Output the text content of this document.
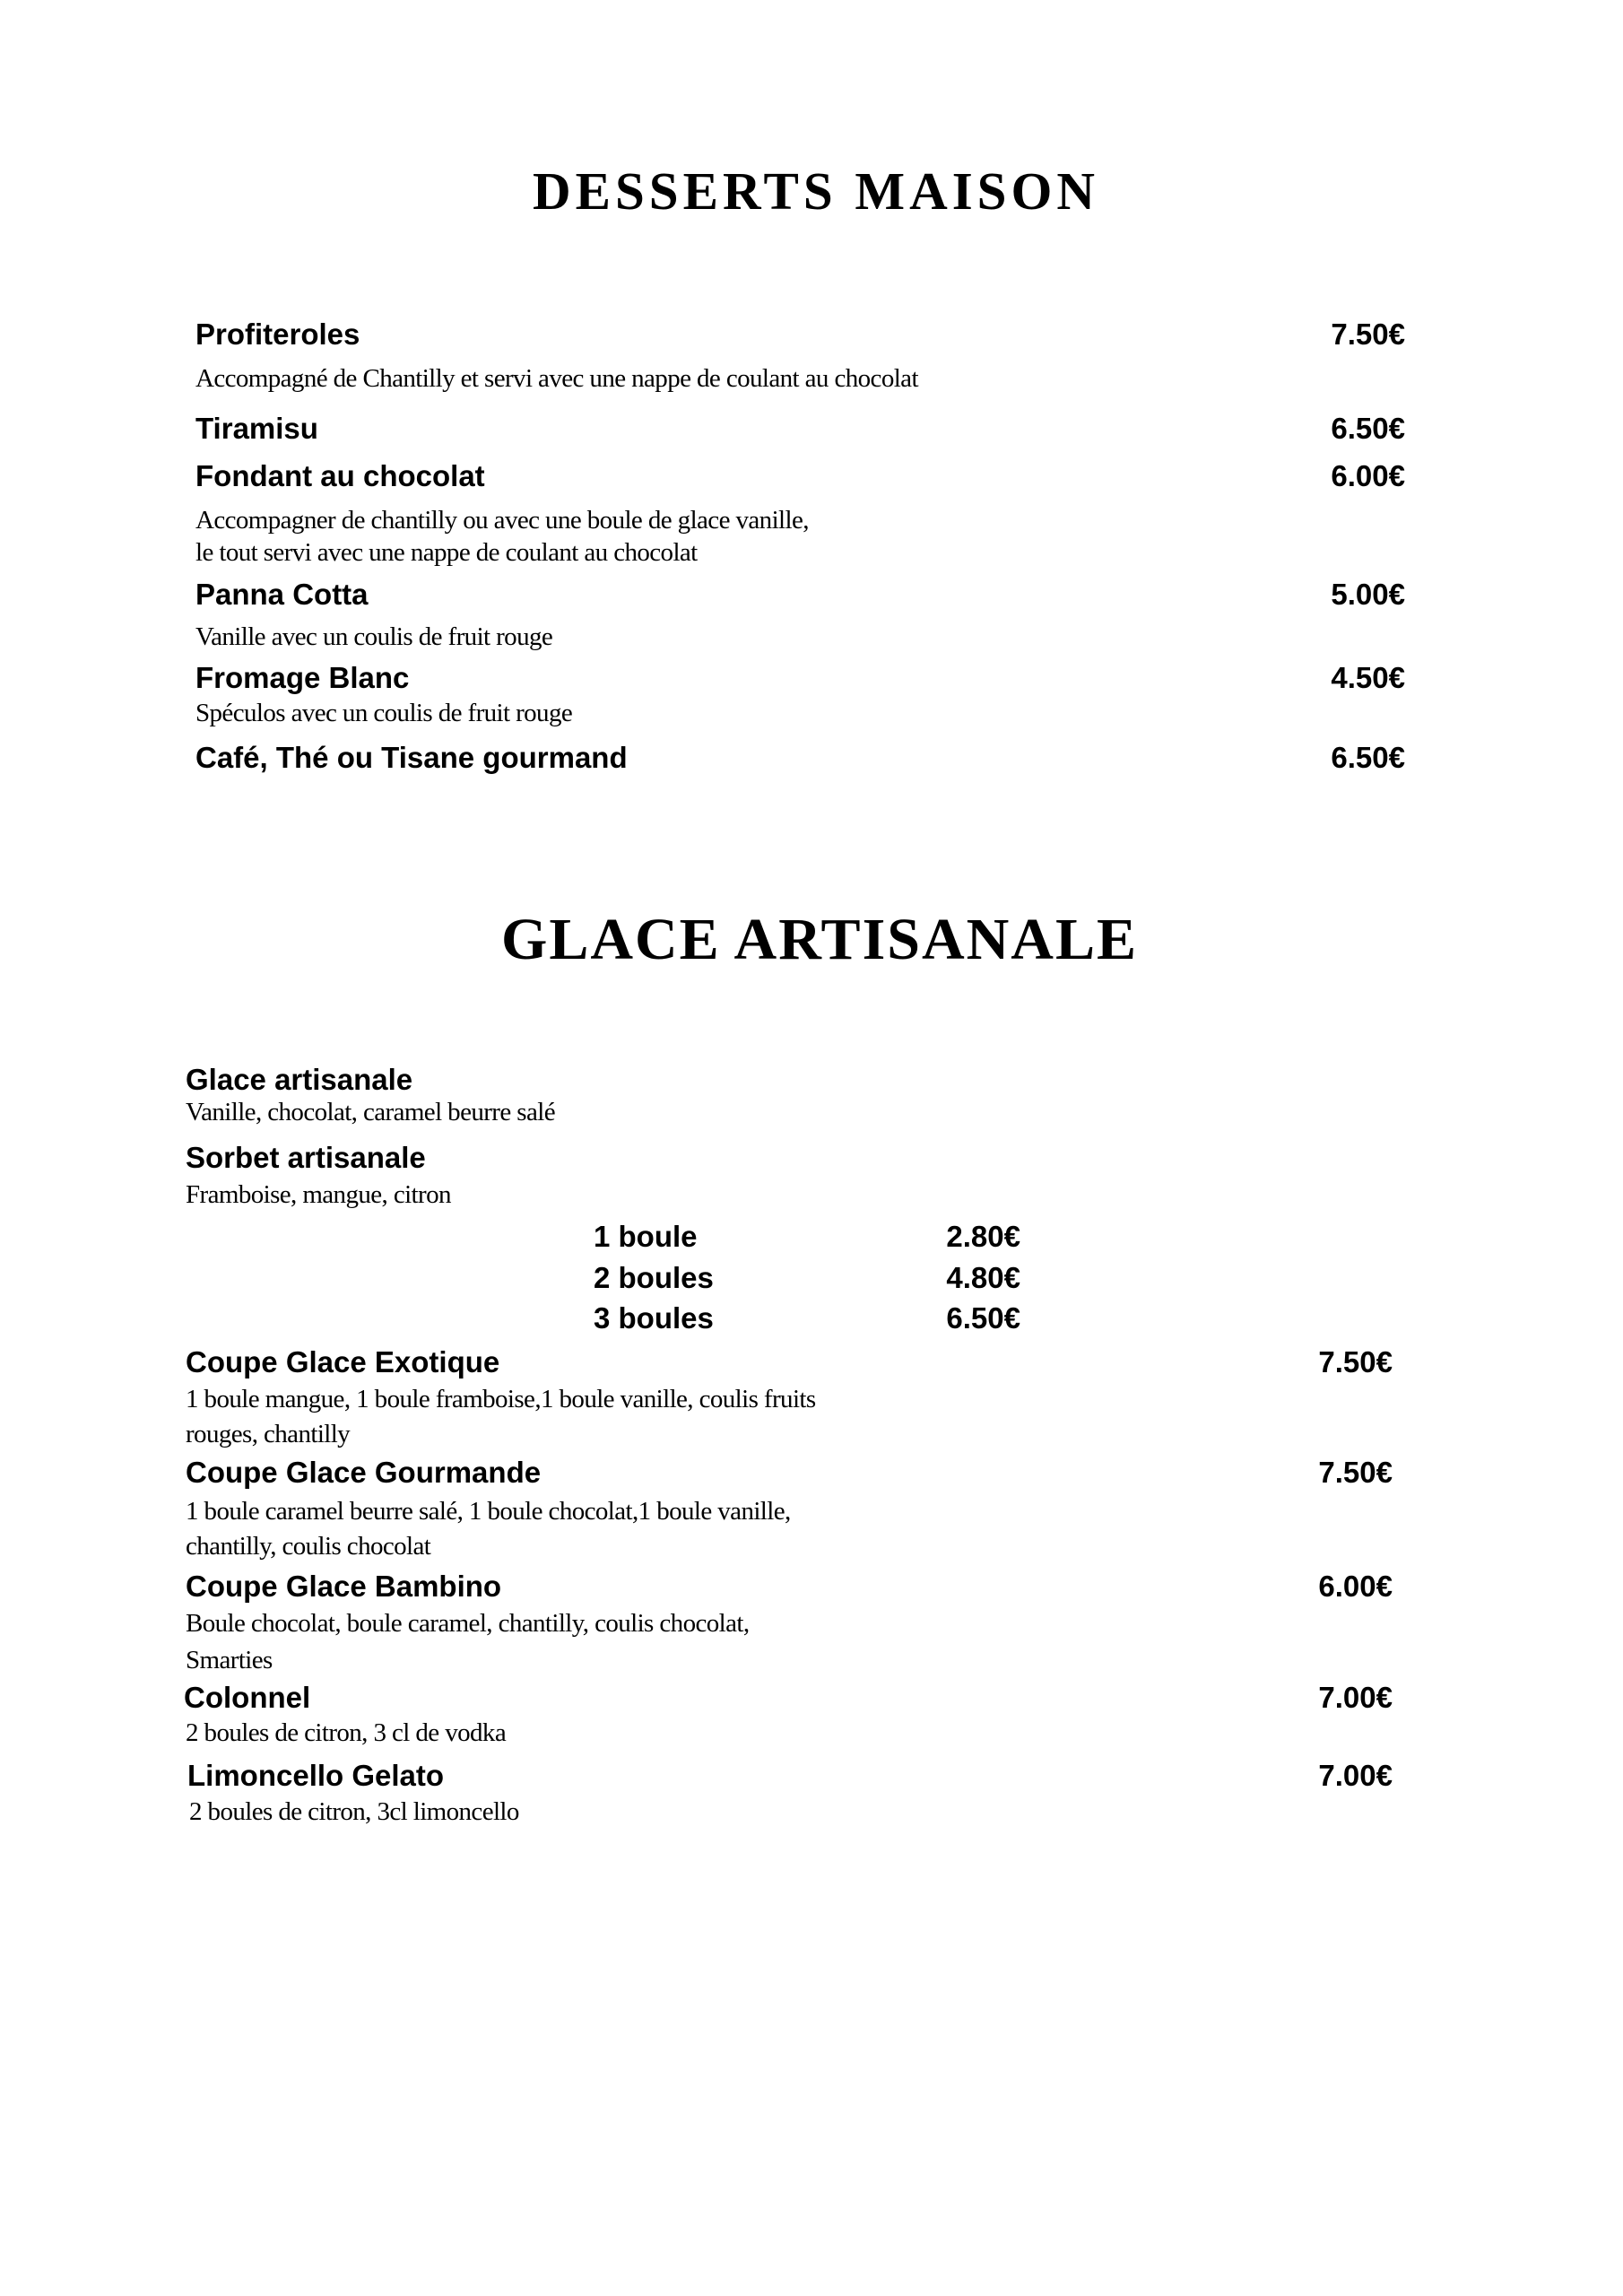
DESSERTS MAISON
Profiteroles	7.50€
Accompagné de Chantilly et servi avec une nappe de coulant au chocolat
Tiramisu	6.50€
Fondant au chocolat	6.00€
Accompagner de chantilly ou avec une boule de glace vanille,
le tout servi avec une nappe de coulant au chocolat
Panna Cotta	5.00€
Vanille avec un coulis de fruit rouge
Fromage Blanc	4.50€
Spéculos avec un coulis de fruit rouge
Café, Thé ou Tisane gourmand	6.50€
GLACE ARTISANALE
Glace artisanale
Vanille, chocolat, caramel beurre salé
Sorbet artisanale
Framboise, mangue, citron
1 boule	2.80€
2 boules	4.80€
3 boules	6.50€
Coupe Glace Exotique	7.50€
1 boule mangue, 1 boule framboise,1 boule vanille, coulis fruits
rouges, chantilly
Coupe Glace Gourmande	7.50€
1 boule caramel beurre salé, 1 boule chocolat,1 boule vanille,
chantilly, coulis chocolat
Coupe Glace Bambino	6.00€
Boule chocolat, boule caramel, chantilly, coulis chocolat,
Smarties
Colonnel	7.00€
2 boules de citron, 3 cl de vodka
Limoncello Gelato	7.00€
2 boules de citron, 3cl limoncello
